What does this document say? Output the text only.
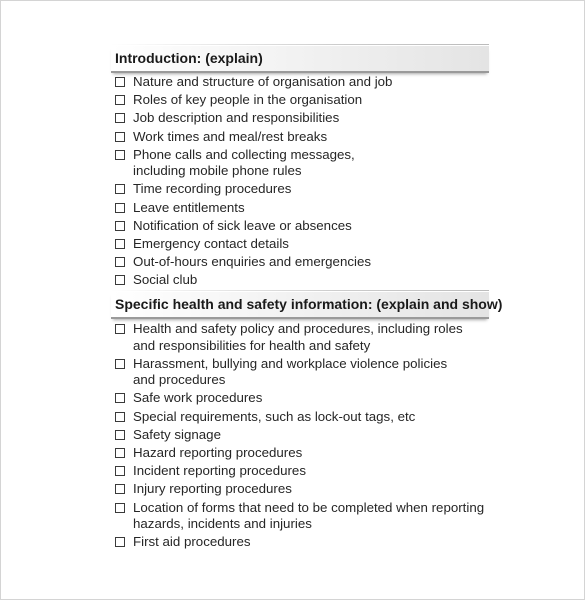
Introduction: (explain)
Nature and structure of organisation and job
Roles of key people in the organisation
Job description and responsibilities
Work times and meal/rest breaks
Phone calls and collecting messages,
including mobile phone rules
Time recording procedures
Leave entitlements
Notification of sick leave or absences
Emergency contact details
Out-of-hours enquiries and emergencies
Social club
Specific health and safety information: (explain and show)
Health and safety policy and procedures, including roles
and responsibilities for health and safety
Harassment, bullying and workplace violence policies
and procedures
Safe work procedures
Special requirements, such as lock-out tags, etc
Safety signage
Hazard reporting procedures
Incident reporting procedures
Injury reporting procedures
Location of forms that need to be completed when reporting
hazards, incidents and injuries
First aid procedures
